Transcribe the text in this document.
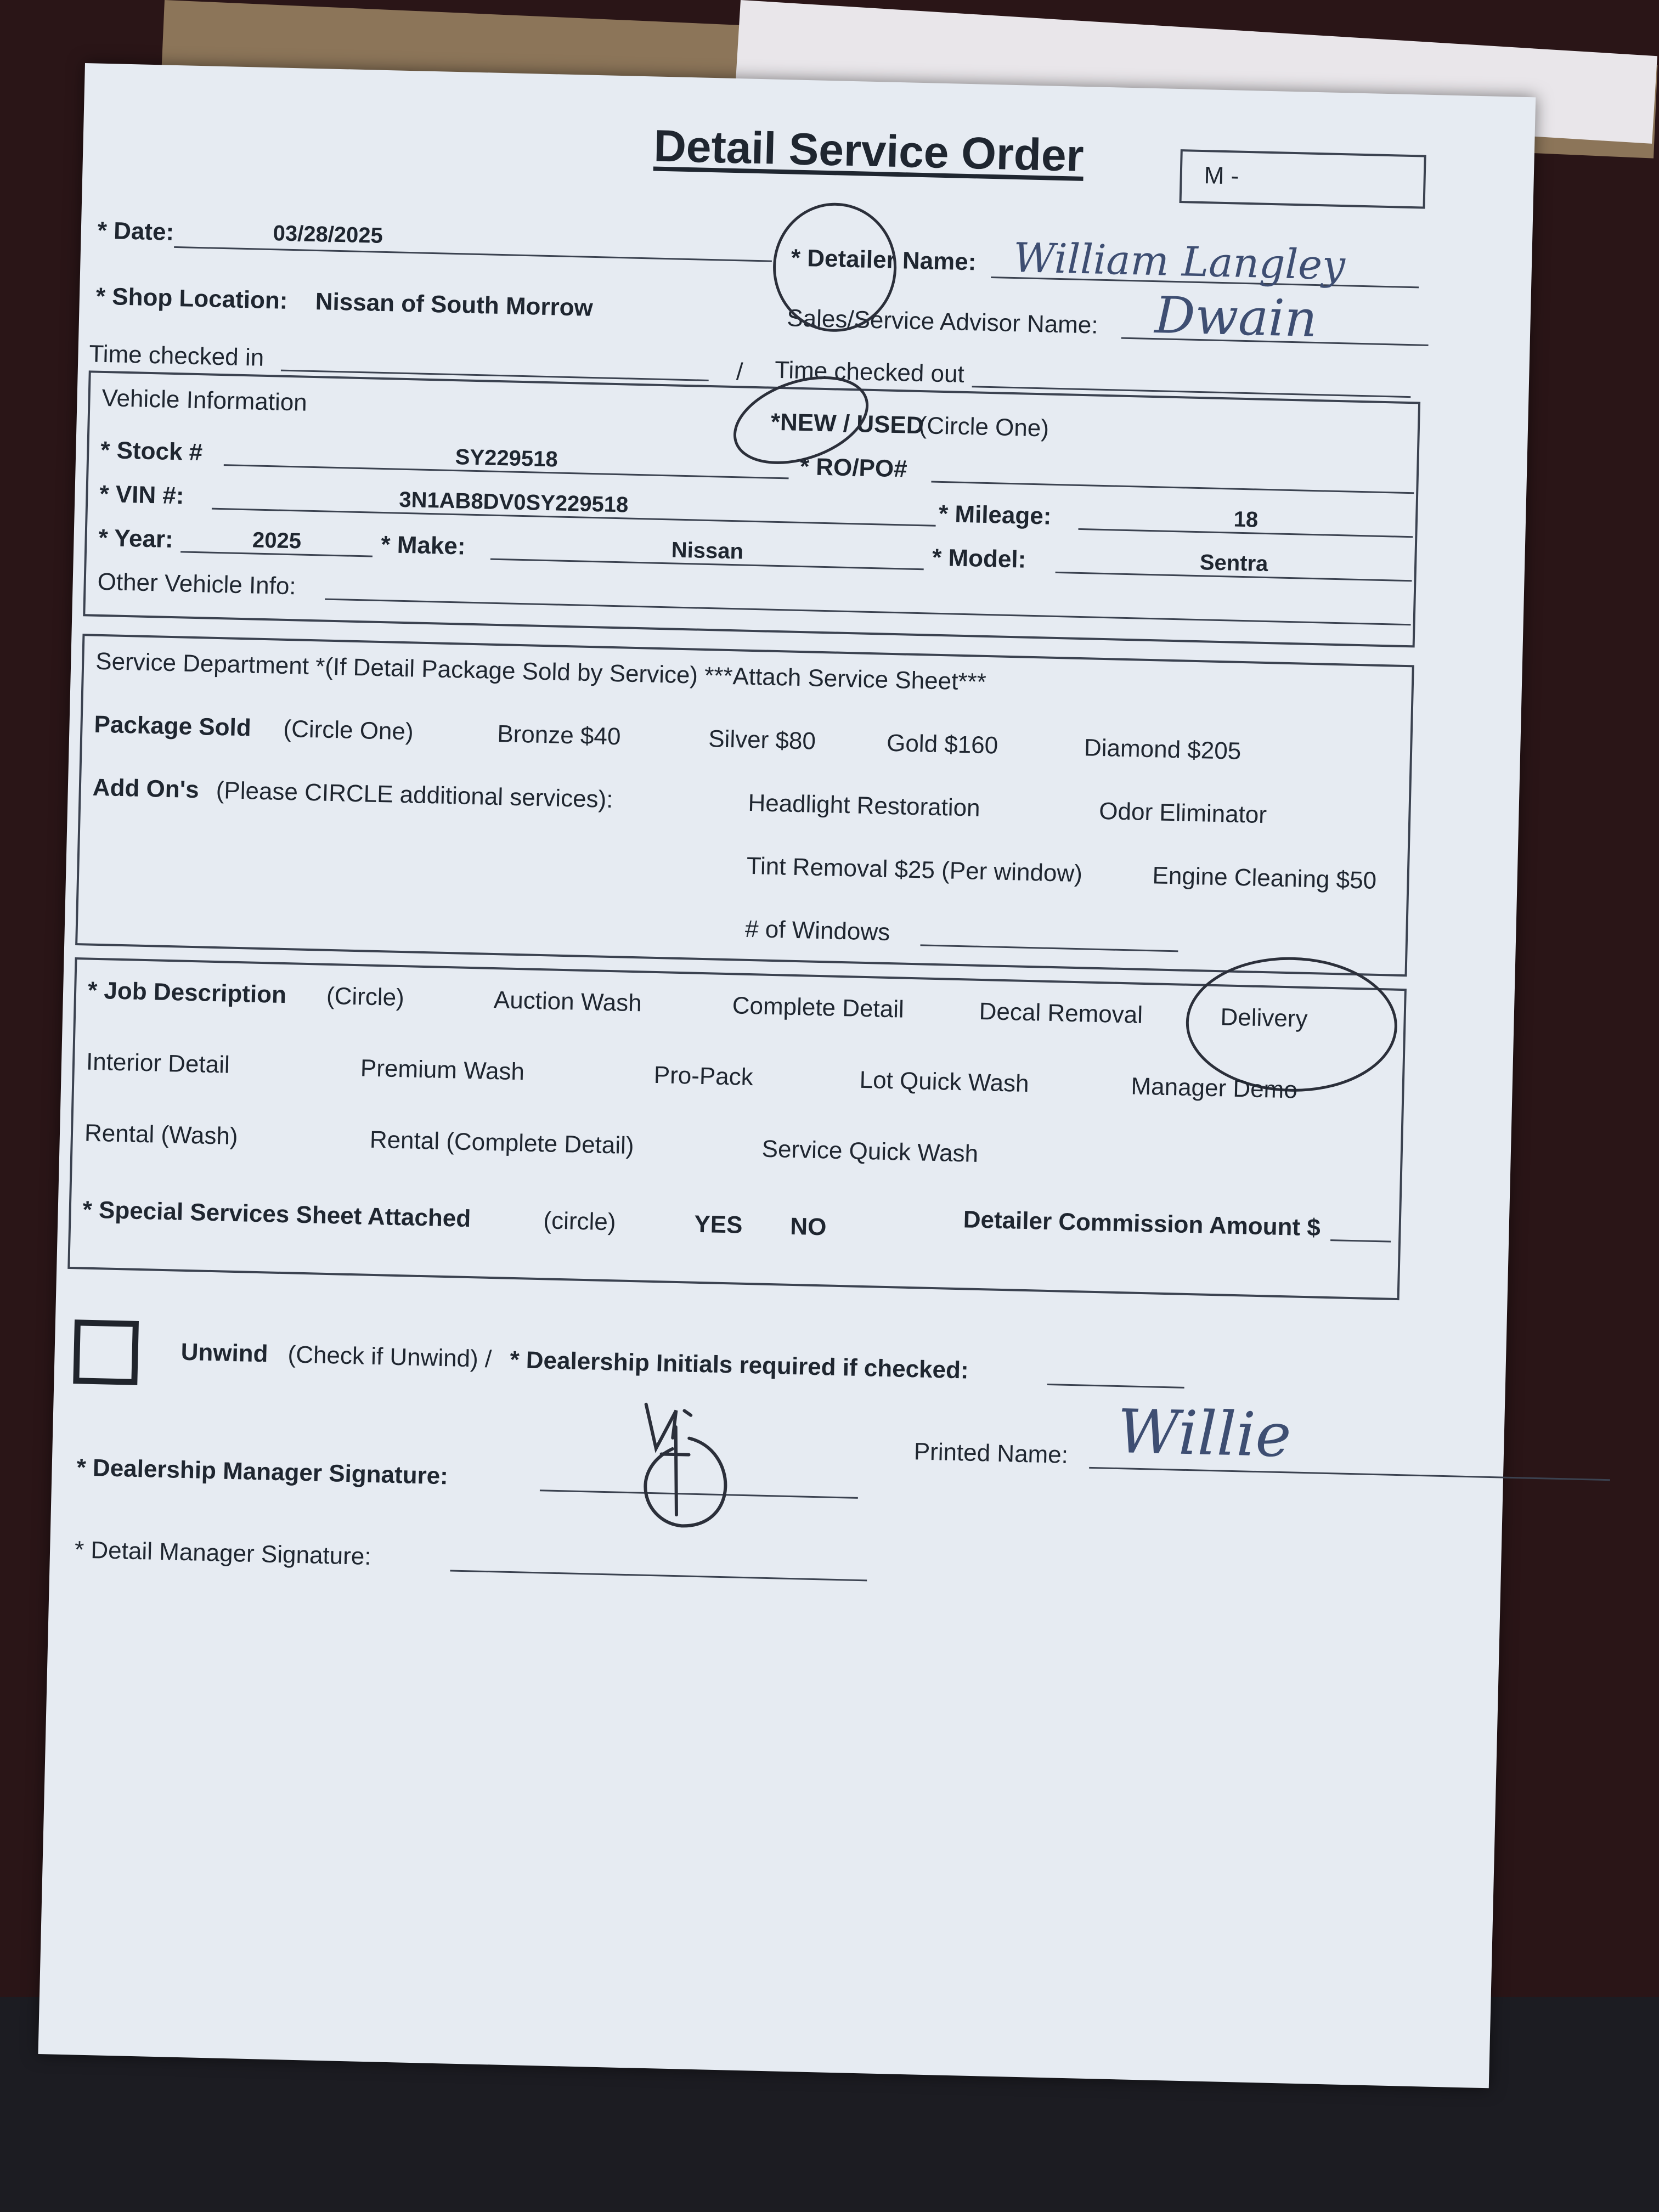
Detail Service Order	M -
* Date:	03/28/2025
* Detailer Name: William Langley
* Shop Location: Nissan of South Morrow	Sales/Service Advisor Name: Dwain
Time checked in
/ Time checked out
Vehicle Information
*NEW / USED
(Circle One)
* Stock #	SY229518	* RO/PO#
* VIN #:	3N1AB8DV0SY229518	* Mileage:	18
* Year:	2025	* Make:	Nissan	* Model:	Sentra
Other Vehicle Info:
Service Department *(If Detail Package Sold by Service) ***Attach Service Sheet***
Package Sold (Circle One)	Bronze $40	Silver $80	Gold $160	Diamond $205
Add On's (Please CIRCLE additional services):	Headlight Restoration	Odor Eliminator
Tint Removal $25 (Per window)	Engine Cleaning $50
# of Windows
* Job Description (Circle)	Auction Wash	Complete Detail	Decal Removal	Delivery
Interior Detail	Premium Wash	Pro-Pack	Lot Quick Wash	Manager Demo
Rental (Wash)	Rental (Complete Detail)	Service Quick Wash
* Special Services Sheet Attached	(circle)	YES NO	Detailer Commission Amount $
Unwind (Check if Unwind) / * Dealership Initials required if checked:
Printed Name: Willie
* Dealership Manager Signature:
* Detail Manager Signature:
